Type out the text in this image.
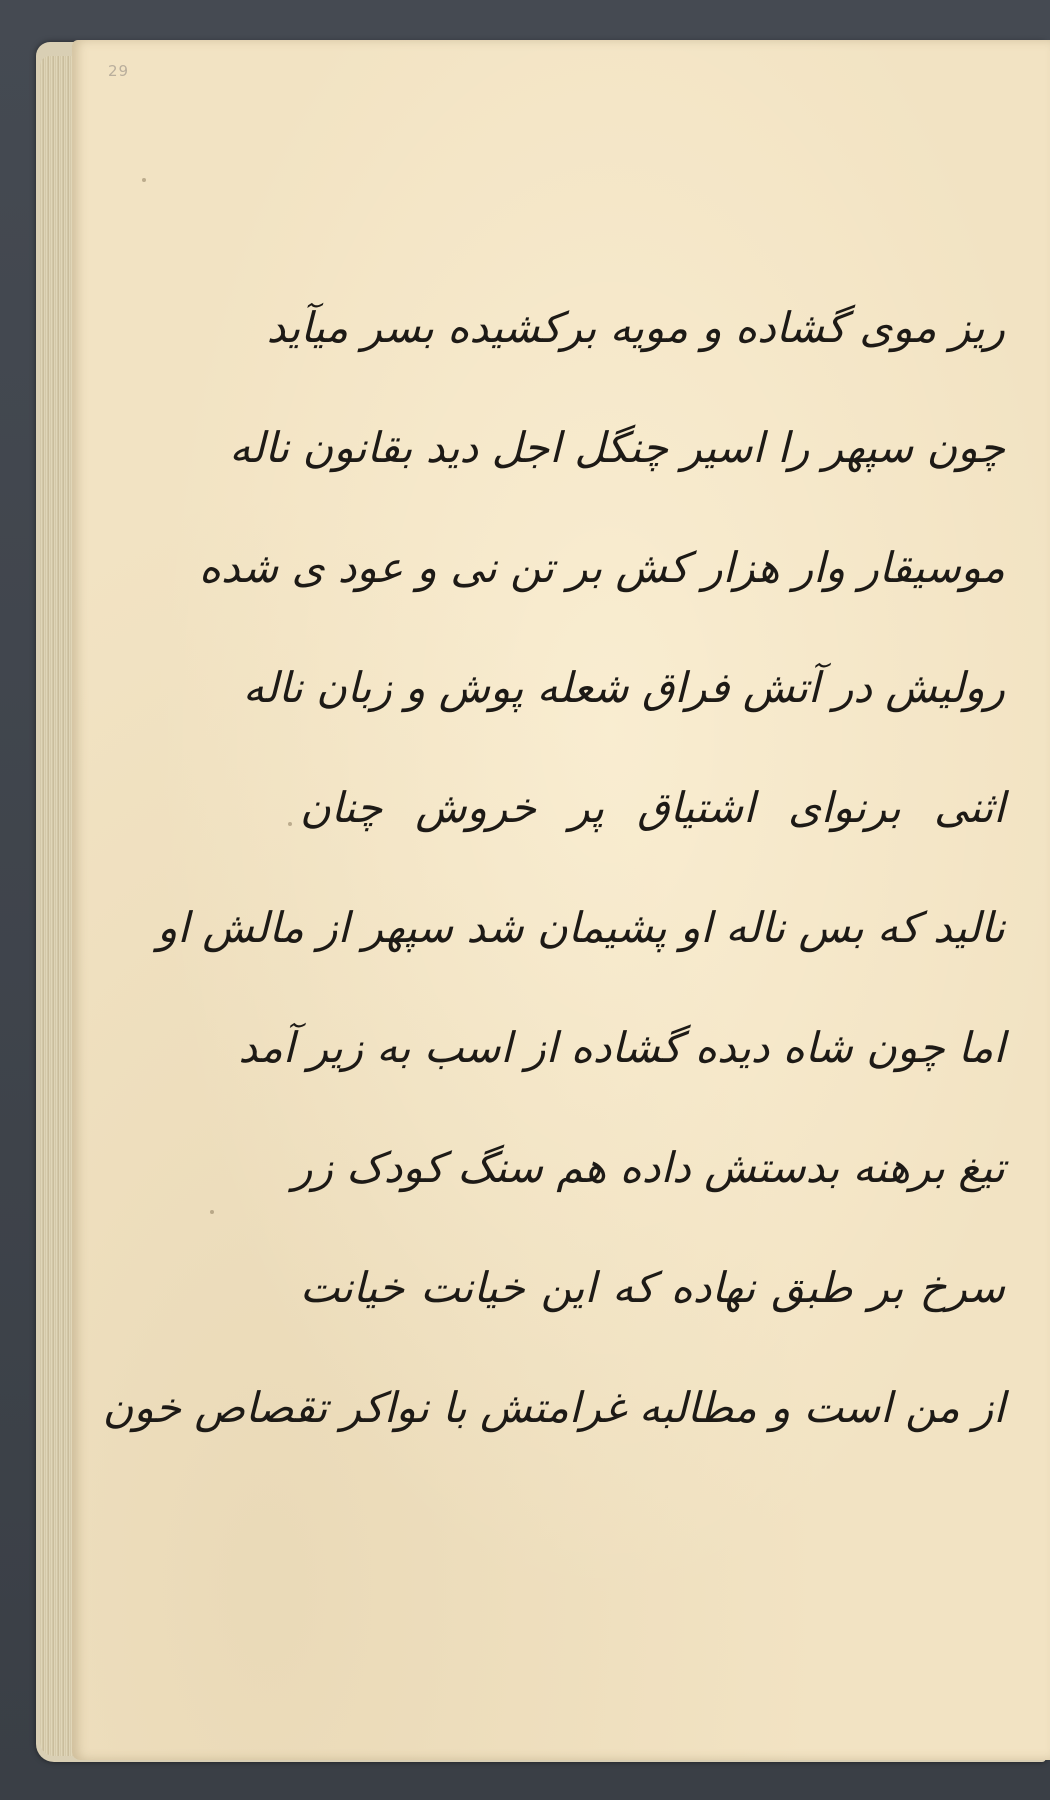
29
ریز موی گشاده و مویه برکشیده بسر میآید
چون سپهر را اسیر چنگل اجل دید بقانون ناله
موسیقار وار هزار کش بر تن نی و عود ی شده
رولیش در آتش فراق شعله پوش و زبان ناله
اثنی برنوای اشتیاق پر خروش چنان
نالید که بس ناله او پشیمان شد سپهر از مالش او
اما چون شاه دیده گشاده از اسب به زیر آمد
تیغ برهنه بدستش داده هم سنگ کودک زر
سرخ بر طبق نهاده که این خیانت خیانت
از من است و مطالبه غرامتش با نواکر تقصاص خون
